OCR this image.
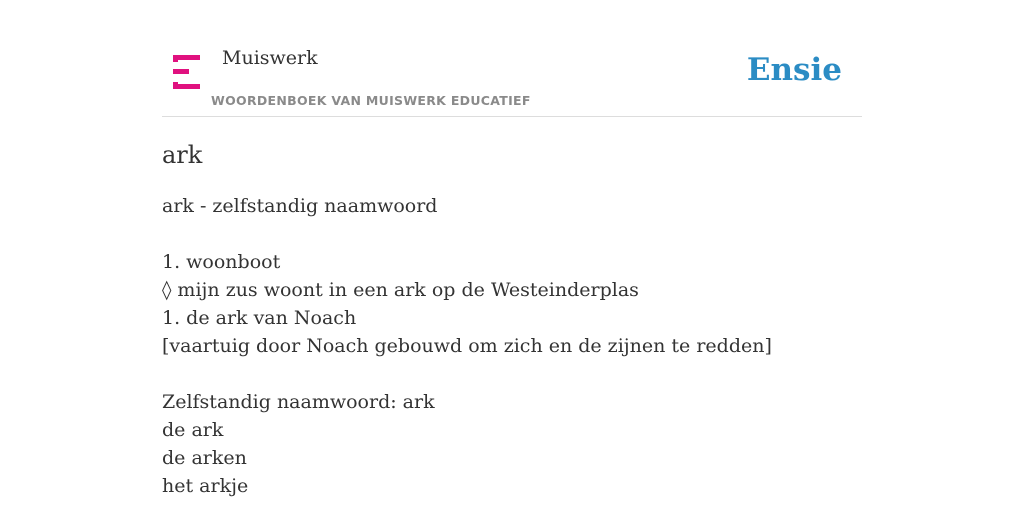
Muiswerk
WOORDENBOEK VAN MUISWERK EDUCATIEF
Ensie
ark
ark - zelfstandig naamwoord
1. woonboot
◊ mijn zus woont in een ark op de Westeinderplas
1. de ark van Noach
[vaartuig door Noach gebouwd om zich en de zijnen te redden]
Zelfstandig naamwoord: ark
de ark
de arken
het arkje
